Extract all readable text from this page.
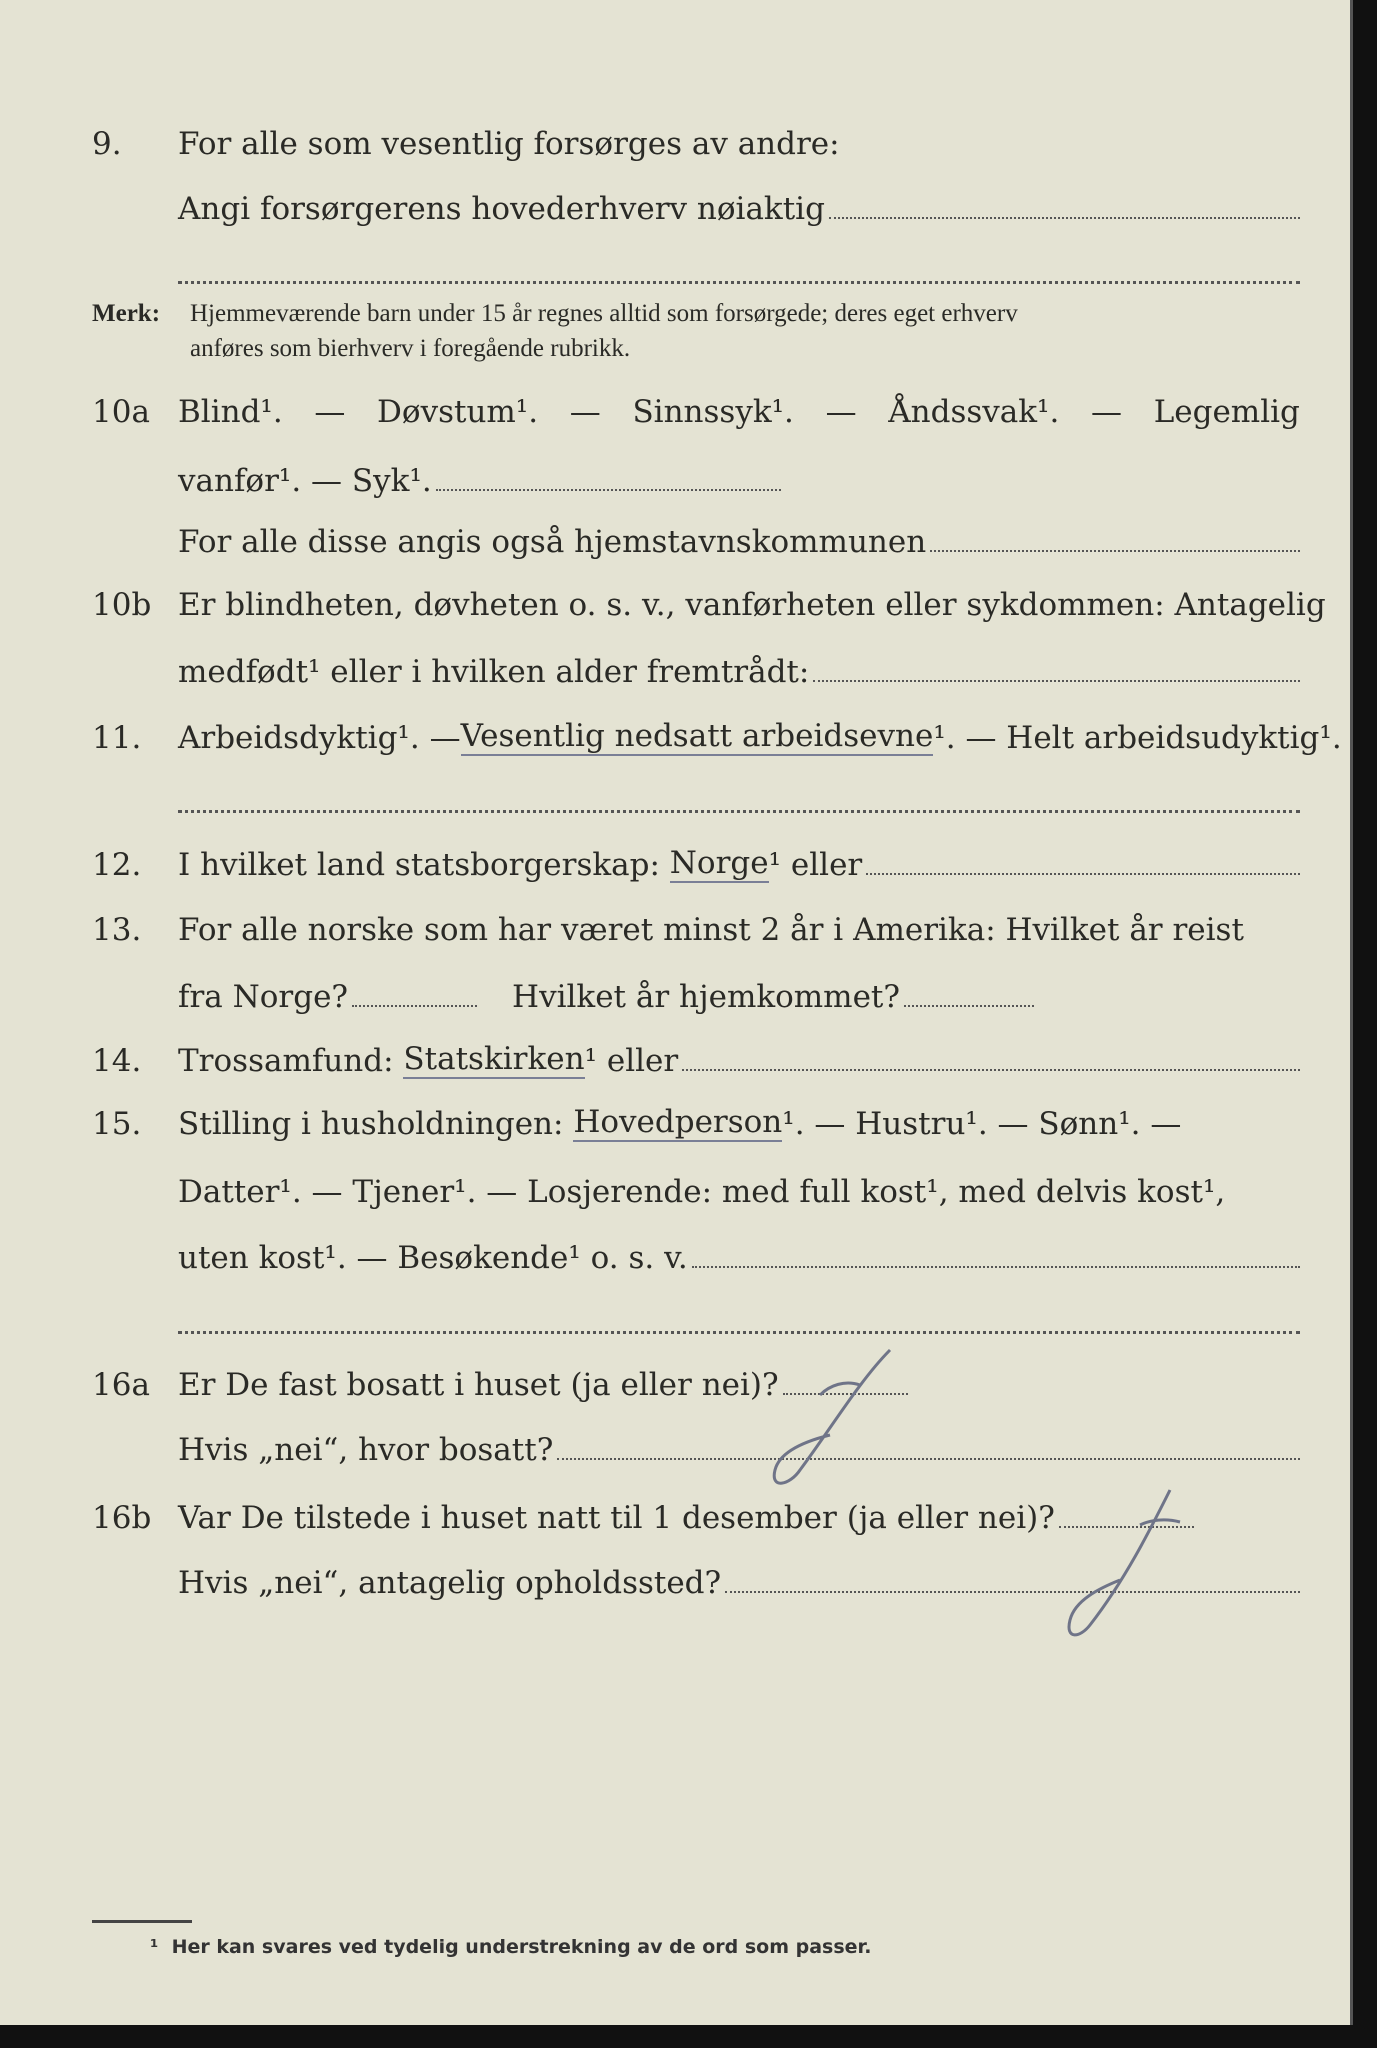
9. For alle som vesentlig forsørges av andre:
Angi forsørgerens hovederhverv nøiaktig
Merk: Hjemmeværende barn under 15 år regnes alltid som forsørgede; deres eget erhverv
anføres som bierhverv i foregående rubrikk.
10a Blind¹. — Døvstum¹. — Sinnssyk¹. — Åndssvak¹. — Legemlig
vanfør¹. — Syk¹.
For alle disse angis også hjemstavnskommunen
10b Er blindheten, døvheten o. s. v., vanførheten eller sykdommen: Antagelig
medfødt¹ eller i hvilken alder fremtrådt:
11. Arbeidsdyktig¹.
— Vesentlig nedsatt arbeidsevne ¹. — Helt arbeidsudyktig¹.
12. I hvilket land statsborgerskap:
Norge ¹ eller
13. For alle norske som har været minst 2 år i Amerika: Hvilket år reist
fra Norge?	Hvilket år hjemkommet?
14. Trossamfund:
Statskirken ¹ eller
15. Stilling i husholdningen:
Hovedperson ¹. — Hustru¹. — Sønn¹. —
Datter¹. — Tjener¹. — Losjerende: med full kost¹, med delvis kost¹,
uten kost¹. — Besøkende¹ o. s. v.
16a Er De fast bosatt i huset (ja eller nei)?
Hvis „nei“, hvor bosatt?
16b Var De tilstede i huset natt til 1 desember (ja eller nei)?
Hvis „nei“, antagelig opholdssted?
¹ Her kan svares ved tydelig understrekning av de ord som passer.
